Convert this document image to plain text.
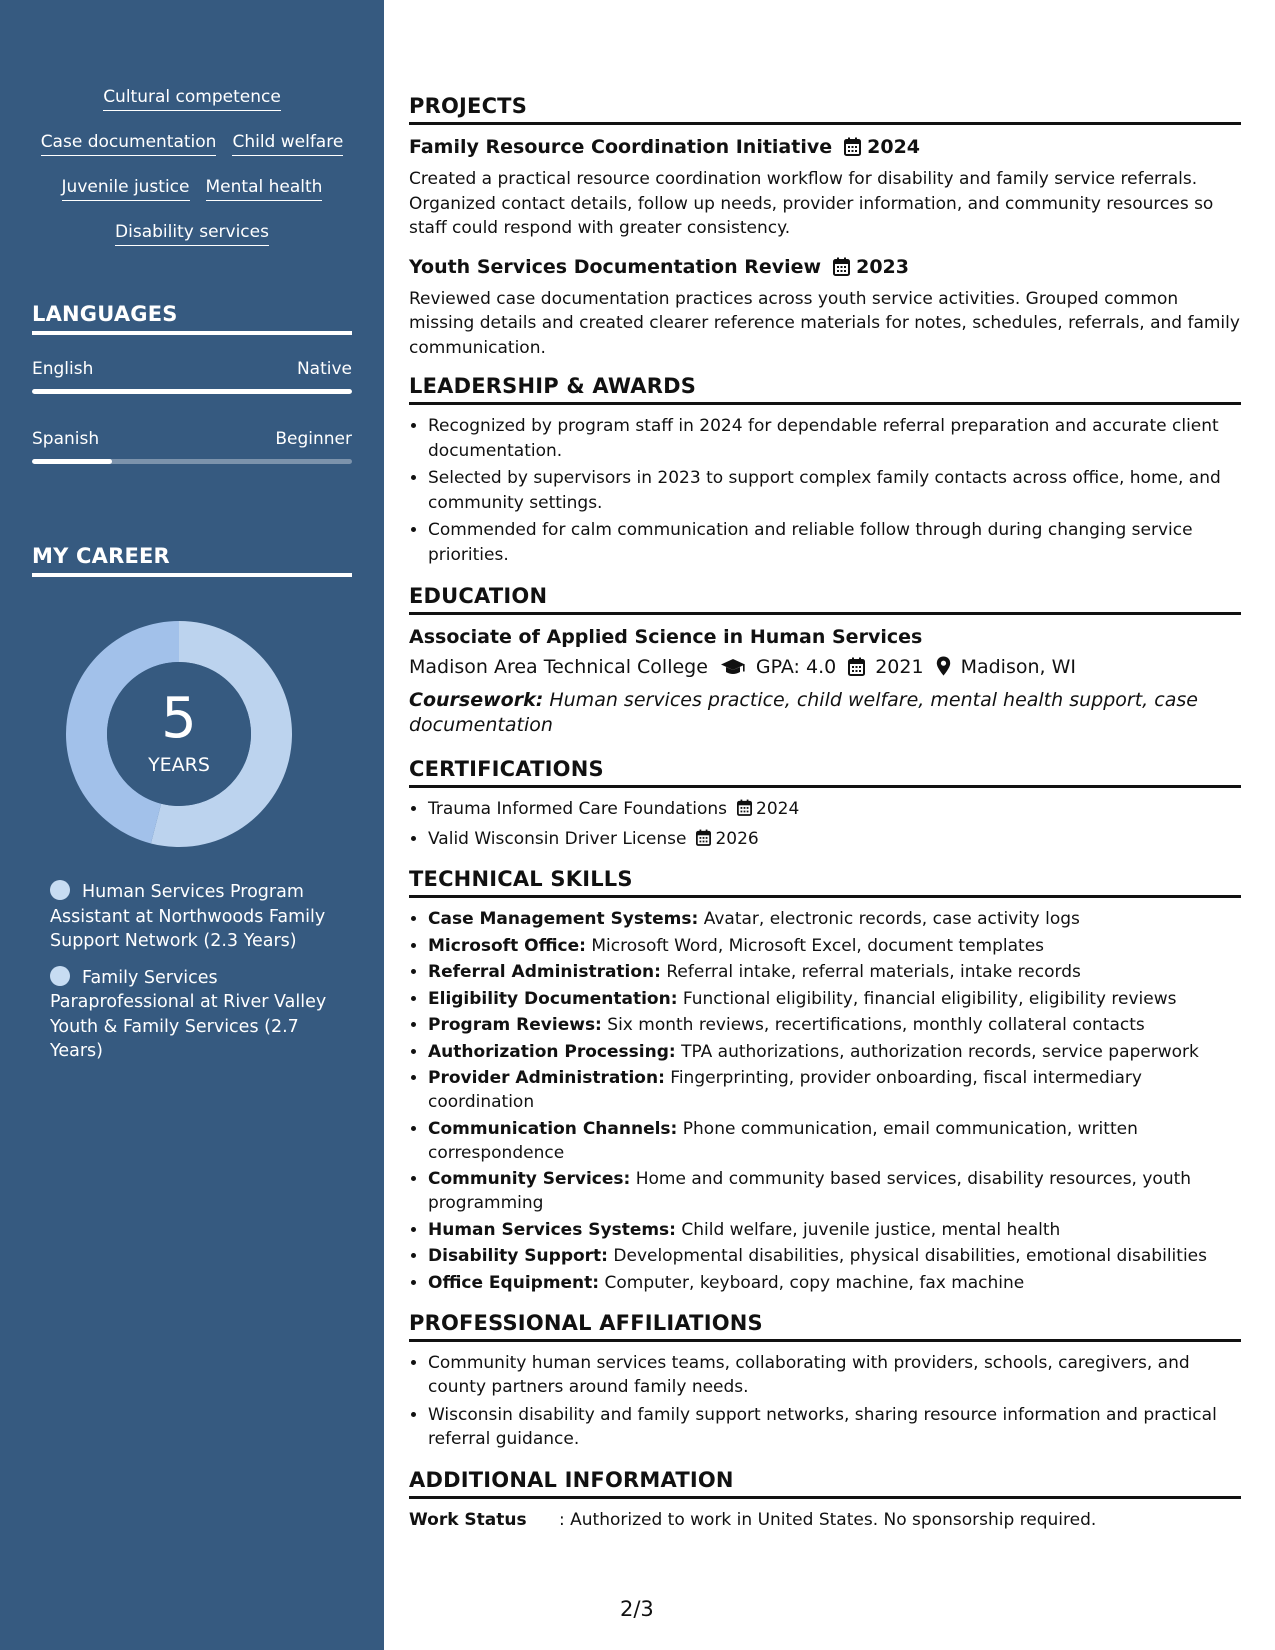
Cultural competence
Case documentation Child welfare
Juvenile justice Mental health
Disability services
LANGUAGES
English	Native
Spanish	Beginner
MY CAREER
5
YEARS
Human Services Program Assistant at Northwoods Family Support Network (2.3 Years)
Family Services Paraprofessional at River Valley Youth & Family Services (2.7 Years)
PROJECTS
Family Resource Coordination Initiative 2024
Created a practical resource coordination workflow for disability and family service referrals. Organized contact details, follow up needs, provider information, and community resources so staff could respond with greater consistency.
Youth Services Documentation Review 2023
Reviewed case documentation practices across youth service activities. Grouped common missing details and created clearer reference materials for notes, schedules, referrals, and family communication.
LEADERSHIP & AWARDS
• Recognized by program staff in 2024 for dependable referral preparation and accurate client documentation.
• Selected by supervisors in 2023 to support complex family contacts across office, home, and community settings.
• Commended for calm communication and reliable follow through during changing service priorities.
EDUCATION
Associate of Applied Science in Human Services
Madison Area Technical College	GPA: 4.0 2021 Madison, WI
Coursework: Human services practice, child welfare, mental health support, case documentation
CERTIFICATIONS
• Trauma Informed Care Foundations 2024
• Valid Wisconsin Driver License 2026
TECHNICAL SKILLS
• Case Management Systems: Avatar, electronic records, case activity logs
• Microsoft Office: Microsoft Word, Microsoft Excel, document templates
• Referral Administration: Referral intake, referral materials, intake records
• Eligibility Documentation: Functional eligibility, financial eligibility, eligibility reviews
• Program Reviews: Six month reviews, recertifications, monthly collateral contacts
• Authorization Processing: TPA authorizations, authorization records, service paperwork
• Provider Administration: Fingerprinting, provider onboarding, fiscal intermediary coordination
• Communication Channels: Phone communication, email communication, written correspondence
• Community Services: Home and community based services, disability resources, youth programming
• Human Services Systems: Child welfare, juvenile justice, mental health
• Disability Support: Developmental disabilities, physical disabilities, emotional disabilities
• Office Equipment: Computer, keyboard, copy machine, fax machine
PROFESSIONAL AFFILIATIONS
• Community human services teams, collaborating with providers, schools, caregivers, and county partners around family needs.
• Wisconsin disability and family support networks, sharing resource information and practical referral guidance.
ADDITIONAL INFORMATION
Work Status : Authorized to work in United States. No sponsorship required.
2/3
